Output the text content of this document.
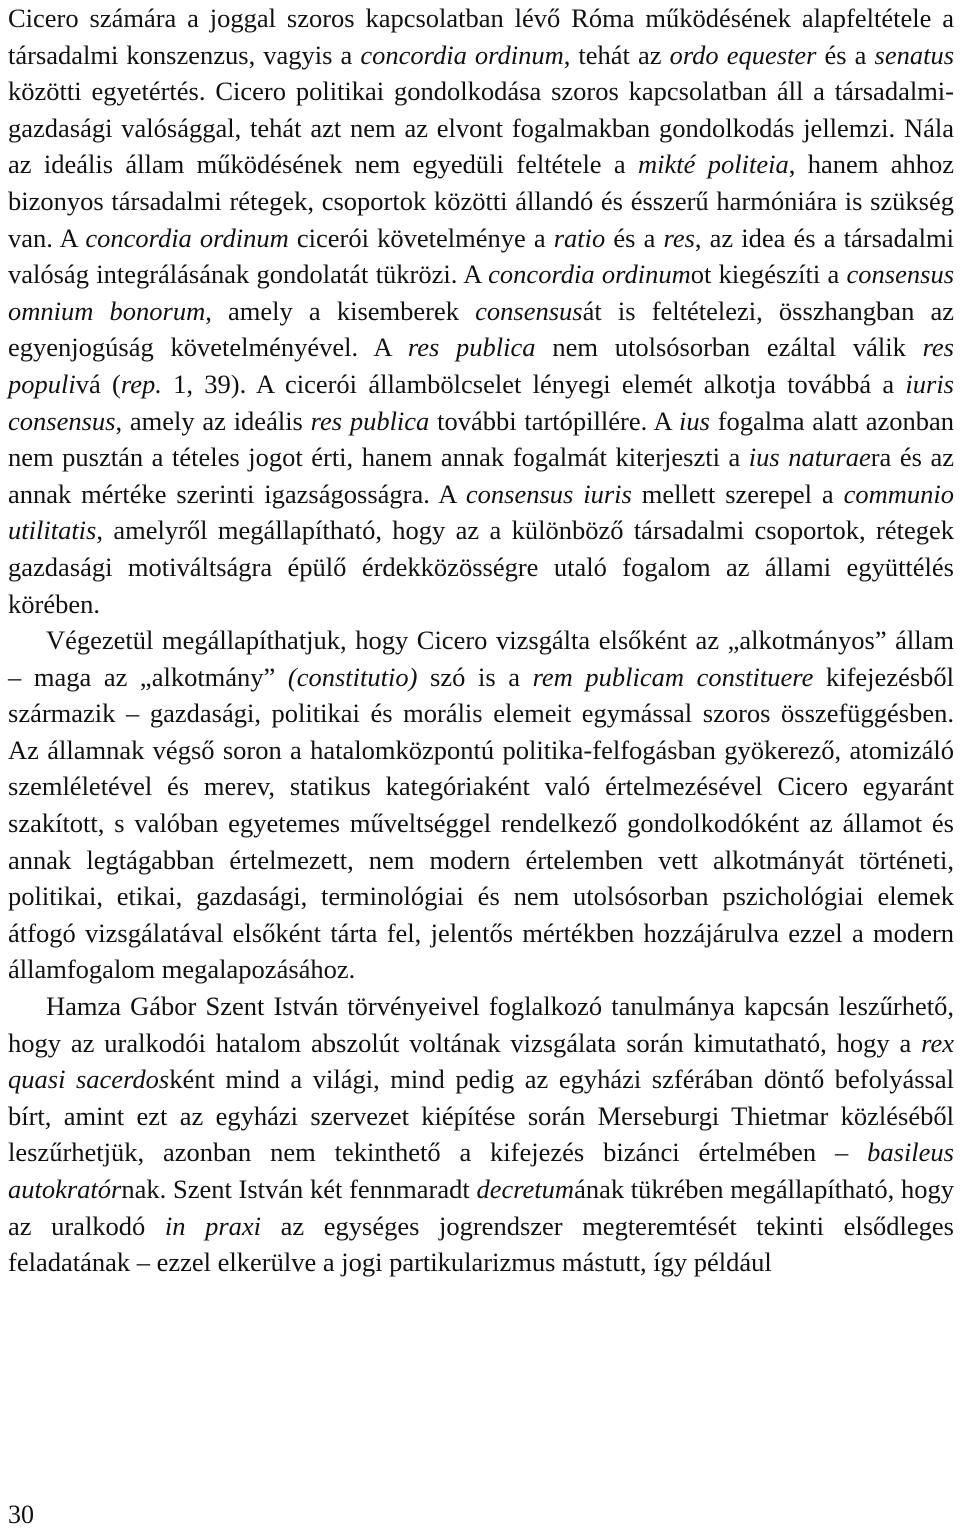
Cicero számára a joggal szoros kapcsolatban lévő Róma működésének alapfeltétele a társadalmi konszenzus, vagyis a concordia ordinum, tehát az ordo equester és a senatus közötti egyetértés. Cicero politikai gondolkodása szoros kapcsolatban áll a társadalmi-gazdasági valósággal, tehát azt nem az elvont fogalmakban gondolkodás jellemzi. Nála az ideális állam működésének nem egyedüli feltétele a mikté politeia, hanem ahhoz bizonyos társadalmi rétegek, csoportok közötti állandó és ésszerű harmóniára is szükség van. A concordia ordinum cicerói követelménye a ratio és a res, az idea és a társadalmi valóság integrálásának gondolatát tükrözi. A concordia ordinumot kiegészíti a consensus omnium bonorum, amely a kisemberek consensusát is feltételezi, összhangban az egyenjogúság követelményével. A res publica nem utolsósorban ezáltal válik res populivá (rep. 1, 39). A cicerói állambölcselet lényegi elemét alkotja továbbá a iuris consensus, amely az ideális res publica további tartópillére. A ius fogalma alatt azonban nem pusztán a tételes jogot érti, hanem annak fogalmát kiterjeszti a ius naturaera és az annak mértéke szerinti igazságosságra. A consensus iuris mellett szerepel a communio utilitatis, amelyről megállapítható, hogy az a különböző társadalmi csoportok, rétegek gazdasági motiváltságra épülő érdekközösségre utaló fogalom az állami együttélés körében.

Végezetül megállapíthatjuk, hogy Cicero vizsgálta elsőként az „alkotmányos” állam – maga az „alkotmány” (constitutio) szó is a rem publicam constituere kifejezésből származik – gazdasági, politikai és morális elemeit egymással szoros összefüggésben. Az államnak végső soron a hatalomközpontú politika-felfogásban gyökerező, atomizáló szemléletével és merev, statikus kategóriaként való értelmezésével Cicero egyaránt szakított, s valóban egyetemes műveltséggel rendelkező gondolkodóként az államot és annak legtágabban értelmezett, nem modern értelemben vett alkotmányát történeti, politikai, etikai, gazdasági, terminológiai és nem utolsósorban pszichológiai elemek átfogó vizsgálatával elsőként tárta fel, jelentős mértékben hozzájárulva ezzel a modern államfogalom megalapozásához.

Hamza Gábor Szent István törvényeivel foglalkozó tanulmánya kapcsán leszűrhető, hogy az uralkodói hatalom abszolút voltának vizsgálata során kimutatható, hogy a rex quasi sacerdosként mind a világi, mind pedig az egyházi szférában döntő befolyással bírt, amint ezt az egyházi szervezet kiépítése során Merseburgi Thietmar közléséből leszűrhetjük, azonban nem tekinthető a kifejezés bizánci értelmében – basileus autokratórnak. Szent István két fennmaradt decretumának tükrében megállapítható, hogy az uralkodó in praxi az egységes jogrendszer megteremtését tekinti elsődleges feladatának – ezzel elkerülve a jogi partikularizmus mástutt, így például

30
